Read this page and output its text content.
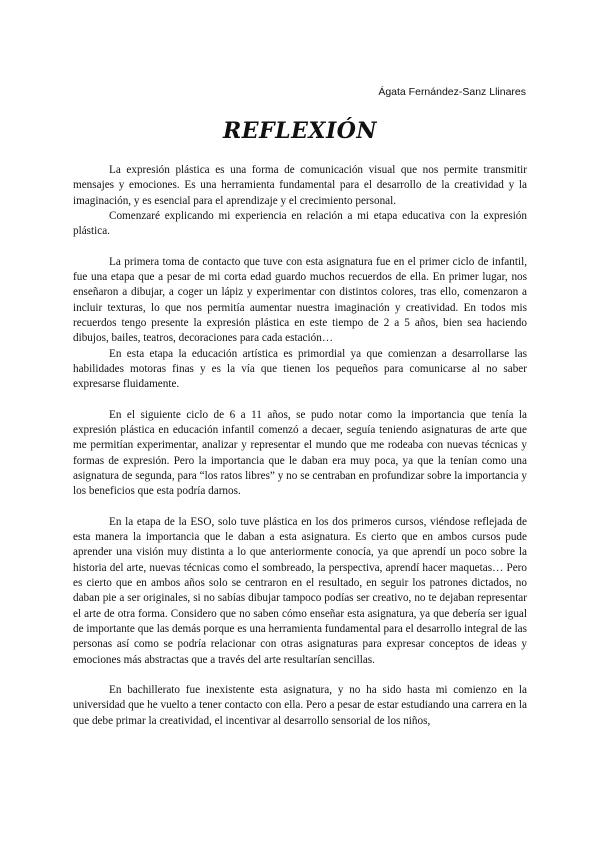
Ágata Fernández-Sanz Llinares
REFLEXIÓN

La expresión plástica es una forma de comunicación visual que nos permite transmitir mensajes y emociones. Es una herramienta fundamental para el desarrollo de la creatividad y la imaginación, y es esencial para el aprendizaje y el crecimiento personal.

Comenzaré explicando mi experiencia en relación a mi etapa educativa con la expresión plástica.

La primera toma de contacto que tuve con esta asignatura fue en el primer ciclo de infantil, fue una etapa que a pesar de mi corta edad guardo muchos recuerdos de ella. En primer lugar, nos enseñaron a dibujar, a coger un lápiz y experimentar con distintos colores, tras ello, comenzaron a incluir texturas, lo que nos permitía aumentar nuestra imaginación y creatividad. En todos mis recuerdos tengo presente la expresión plástica en este tiempo de 2 a 5 años, bien sea haciendo dibujos, bailes, teatros, decoraciones para cada estación…

En esta etapa la educación artística es primordial ya que comienzan a desarrollarse las habilidades motoras finas y es la vía que tienen los pequeños para comunicarse al no saber expresarse fluidamente.

En el siguiente ciclo de 6 a 11 años, se pudo notar como la importancia que tenía la expresión plástica en educación infantil comenzó a decaer, seguía teniendo asignaturas de arte que me permitían experimentar, analizar y representar el mundo que me rodeaba con nuevas técnicas y formas de expresión. Pero la importancia que le daban era muy poca, ya que la tenían como una asignatura de segunda, para “los ratos libres” y no se centraban en profundizar sobre la importancia y los beneficios que esta podría darnos.

En la etapa de la ESO, solo tuve plástica en los dos primeros cursos, viéndose reflejada de esta manera la importancia que le daban a esta asignatura. Es cierto que en ambos cursos pude aprender una visión muy distinta a lo que anteriormente conocía, ya que aprendí un poco sobre la historia del arte, nuevas técnicas como el sombreado, la perspectiva, aprendí hacer maquetas… Pero es cierto que en ambos años solo se centraron en el resultado, en seguir los patrones dictados, no daban pie a ser originales, si no sabías dibujar tampoco podías ser creativo, no te dejaban representar el arte de otra forma. Considero que no saben cómo enseñar esta asignatura, ya que debería ser igual de importante que las demás porque es una herramienta fundamental para el desarrollo integral de las personas así como se podría relacionar con otras asignaturas para expresar conceptos de ideas y emociones más abstractas que a través del arte resultarían sencillas.

En bachillerato fue inexistente esta asignatura, y no ha sido hasta mi comienzo en la universidad que he vuelto a tener contacto con ella. Pero a pesar de estar estudiando una carrera en la que debe primar la creatividad, el incentivar al desarrollo sensorial de los niños,
